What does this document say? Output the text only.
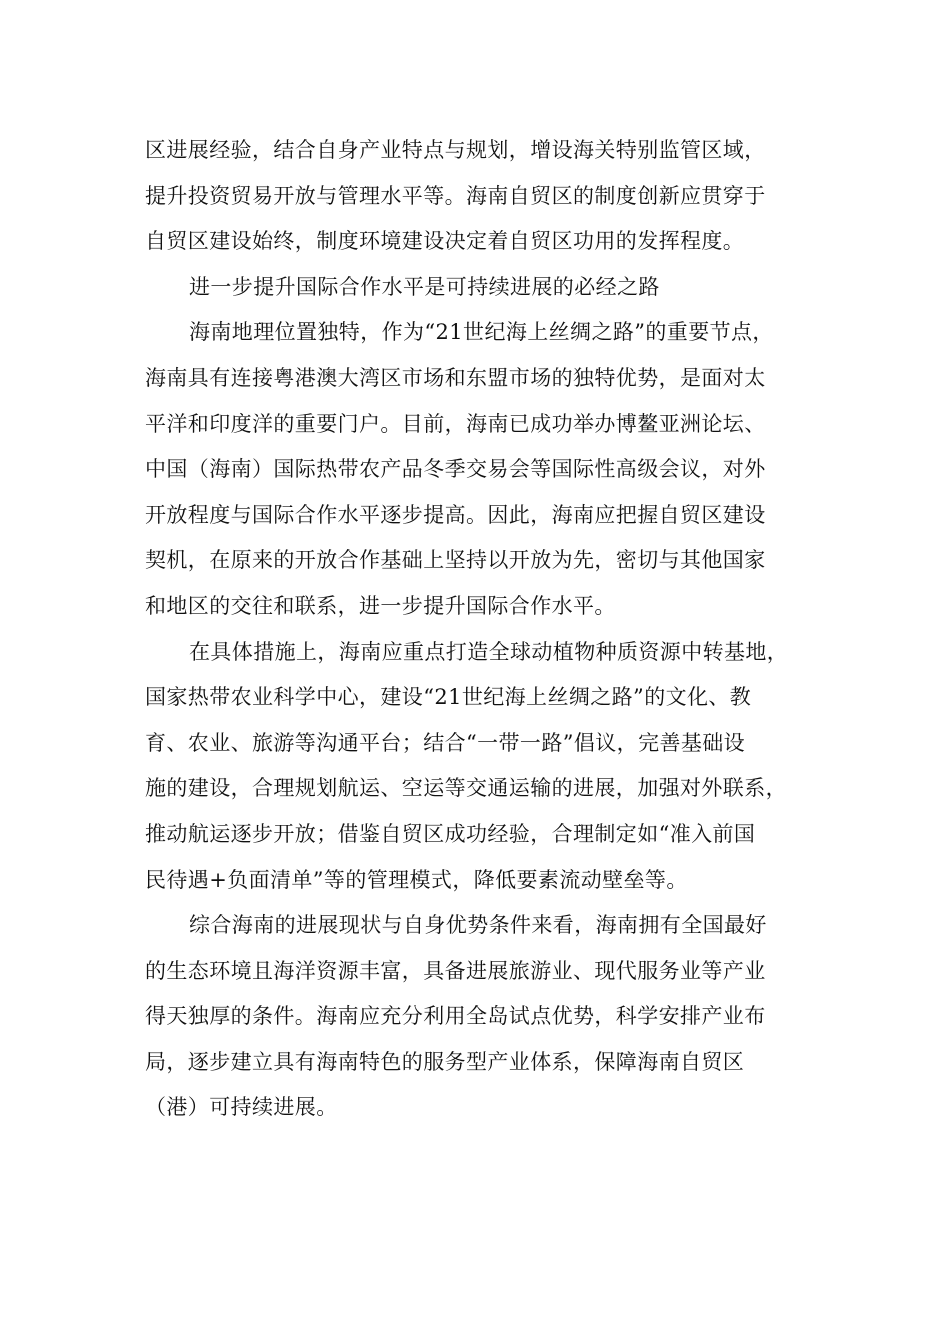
区进展经验，结合自身产业特点与规划，增设海关特别监管区域，
提升投资贸易开放与管理水平等。海南自贸区的制度创新应贯穿于
自贸区建设始终，制度环境建设决定着自贸区功用的发挥程度。
进一步提升国际合作水平是可持续进展的必经之路
海南地理位置独特，作为“21世纪海上丝绸之路”的重要节点，
海南具有连接粤港澳大湾区市场和东盟市场的独特优势，是面对太
平洋和印度洋的重要门户。目前，海南已成功举办博鳌亚洲论坛、
中国（海南）国际热带农产品冬季交易会等国际性高级会议，对外
开放程度与国际合作水平逐步提高。因此，海南应把握自贸区建设
契机，在原来的开放合作基础上坚持以开放为先，密切与其他国家
和地区的交往和联系，进一步提升国际合作水平。
在具体措施上，海南应重点打造全球动植物种质资源中转基地，
国家热带农业科学中心，建设“21世纪海上丝绸之路”的文化、教
育、农业、旅游等沟通平台；结合“一带一路”倡议，完善基础设
施的建设，合理规划航运、空运等交通运输的进展，加强对外联系，
推动航运逐步开放；借鉴自贸区成功经验，合理制定如“准入前国
民待遇+负面清单”等的管理模式，降低要素流动壁垒等。
综合海南的进展现状与自身优势条件来看，海南拥有全国最好
的生态环境且海洋资源丰富，具备进展旅游业、现代服务业等产业
得天独厚的条件。海南应充分利用全岛试点优势，科学安排产业布
局，逐步建立具有海南特色的服务型产业体系，保障海南自贸区
（港）可持续进展。
